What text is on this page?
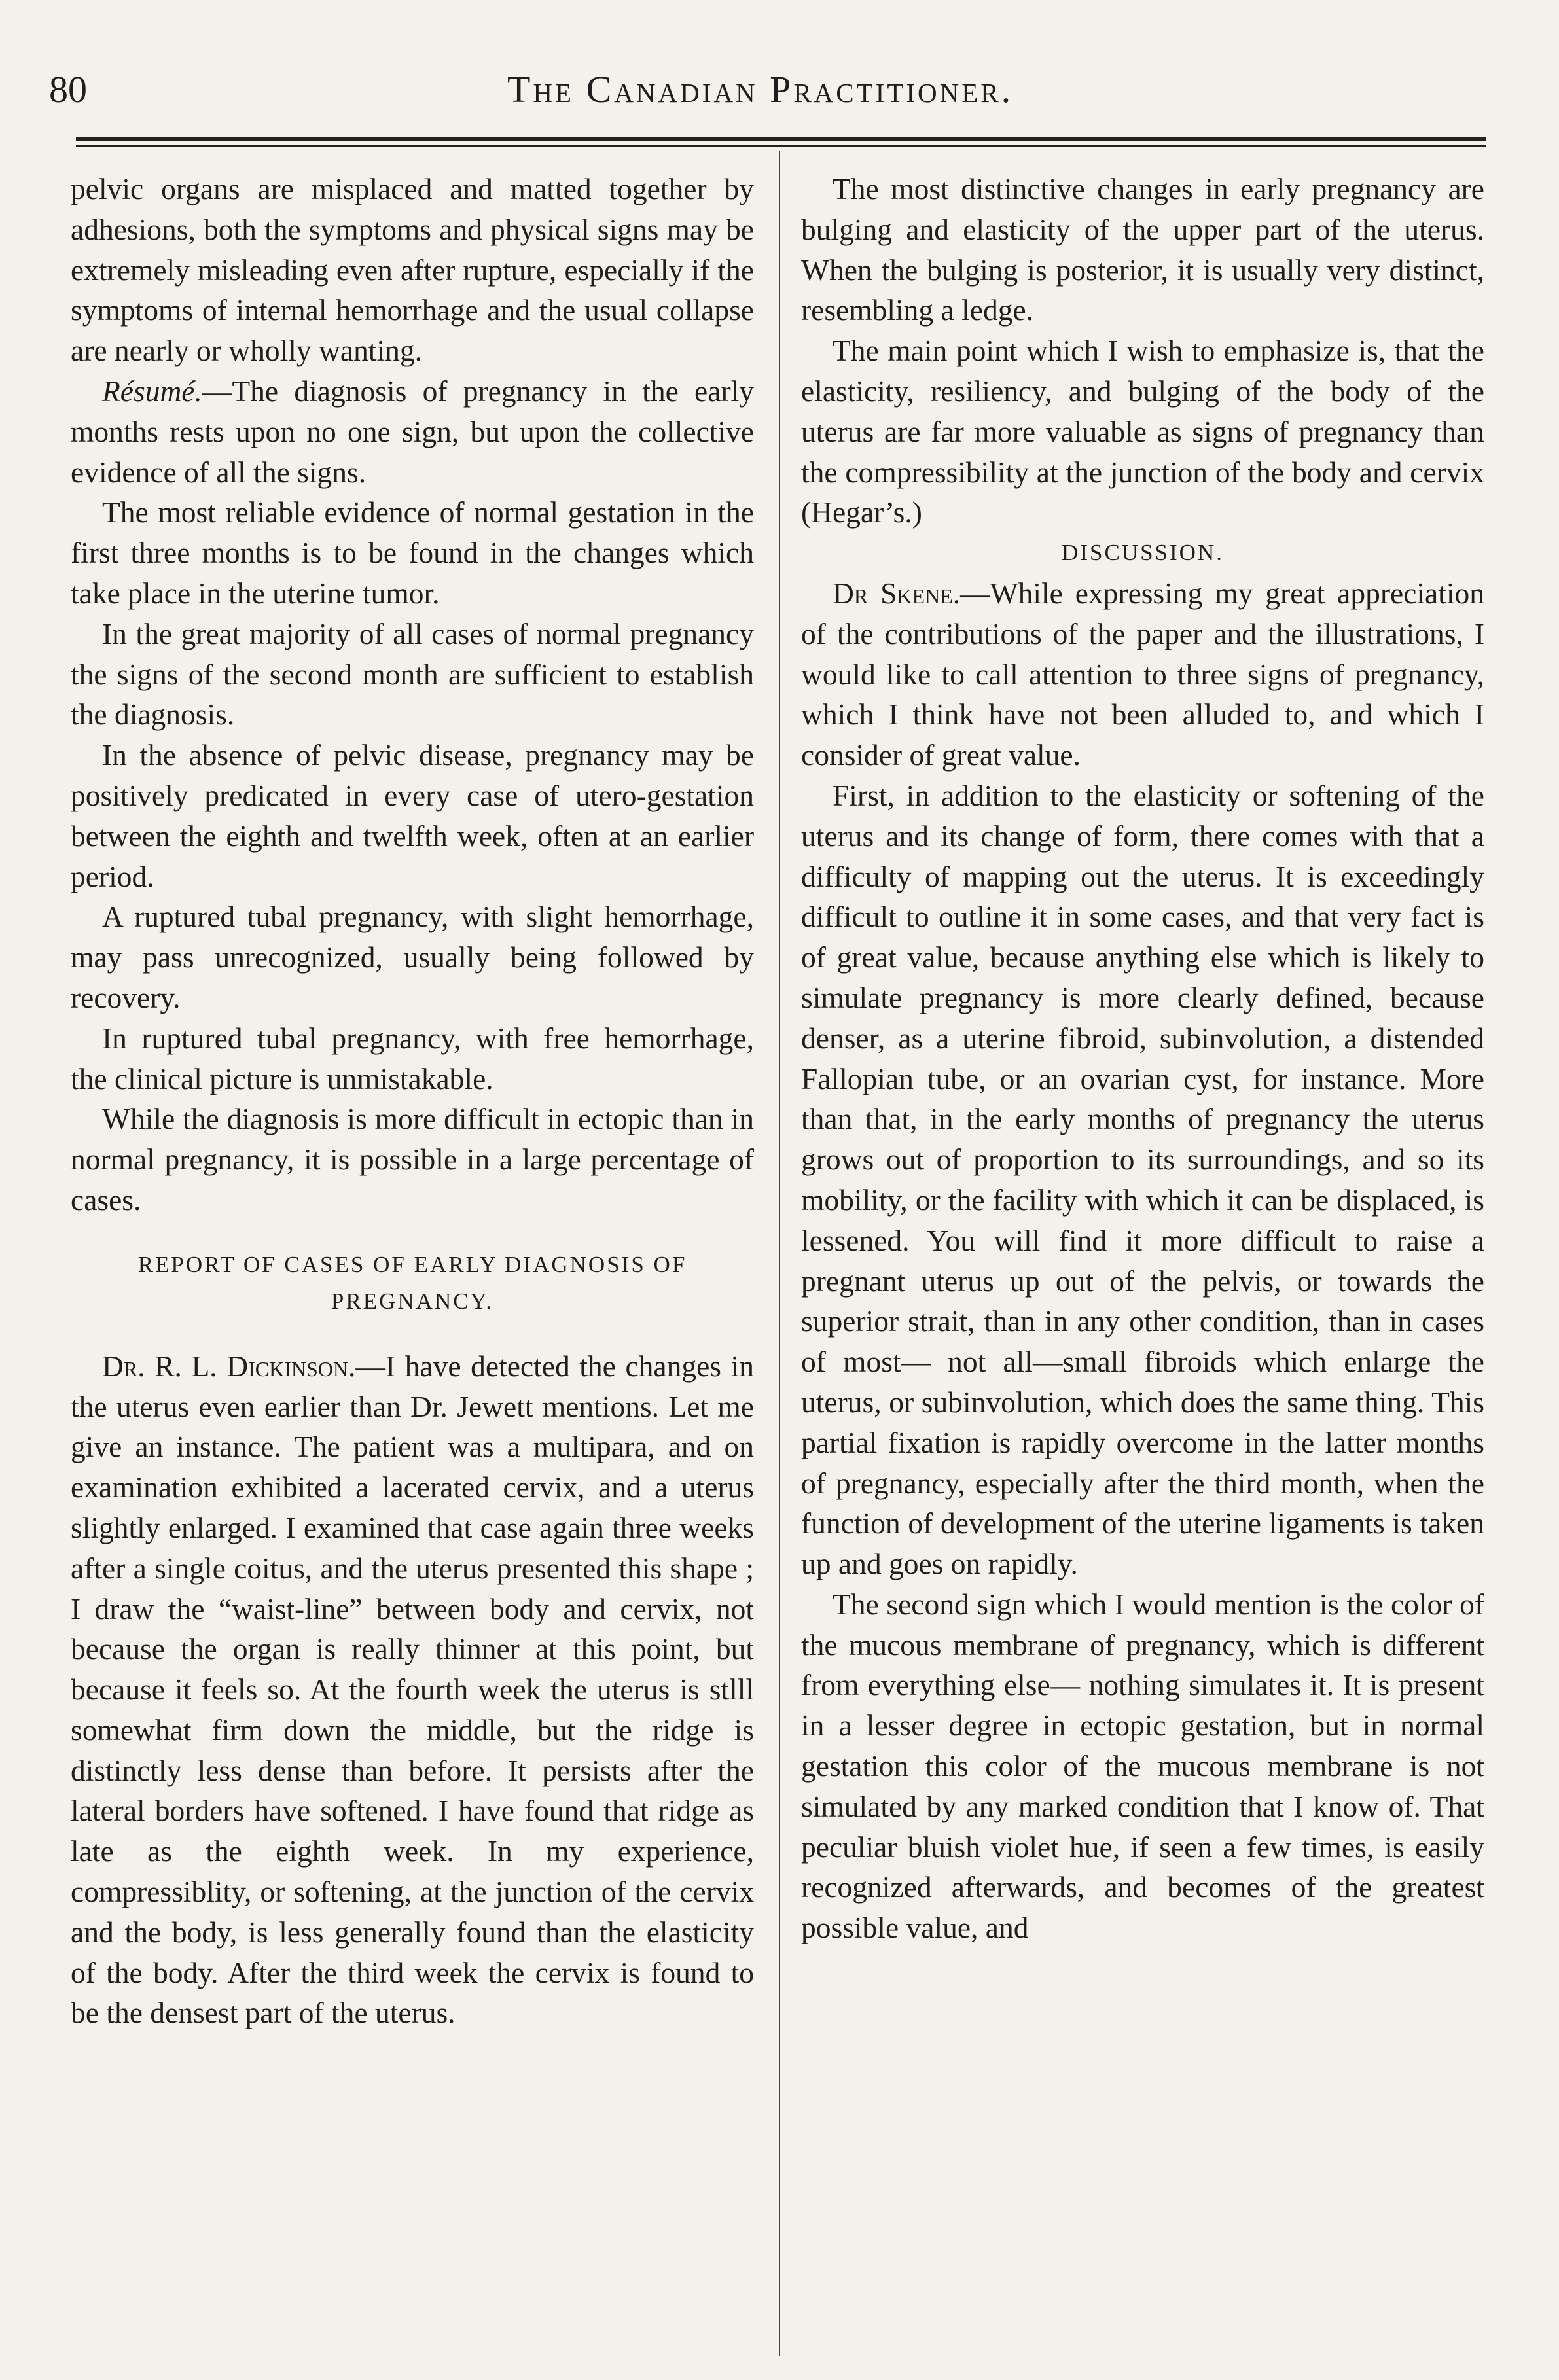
80	The Canadian Practitioner.

pelvic organs are misplaced and matted together by adhesions, both the symptoms and physical signs may be extremely misleading even after rupture, especially if the symptoms of internal hemorrhage and the usual collapse are nearly or wholly wanting.

Résumé.—The diagnosis of pregnancy in the early months rests upon no one sign, but upon the collective evidence of all the signs.

The most reliable evidence of normal gestation in the first three months is to be found in the changes which take place in the uterine tumor.

In the great majority of all cases of normal pregnancy the signs of the second month are sufficient to establish the diagnosis.

In the absence of pelvic disease, pregnancy may be positively predicated in every case of utero-gestation between the eighth and twelfth week, often at an earlier period.

A ruptured tubal pregnancy, with slight hemorrhage, may pass unrecognized, usually being followed by recovery.

In ruptured tubal pregnancy, with free hemorrhage, the clinical picture is unmistakable.

While the diagnosis is more difficult in ectopic than in normal pregnancy, it is possible in a large percentage of cases.

REPORT OF CASES OF EARLY DIAGNOSIS OF PREGNANCY.

Dr. R. L. Dickinson.—I have detected the changes in the uterus even earlier than Dr. Jewett mentions. Let me give an instance. The patient was a multipara, and on examination exhibited a lacerated cervix, and a uterus slightly enlarged. I examined that case again three weeks after a single coitus, and the uterus presented this shape ; I draw the “waist-line” between body and cervix, not because the organ is really thinner at this point, but because it feels so. At the fourth week the uterus is stlll somewhat firm down the middle, but the ridge is distinctly less dense than before. It persists after the lateral borders have softened. I have found that ridge as late as the eighth week. In my experience, compressiblity, or softening, at the junction of the cervix and the body, is less generally found than the elasticity of the body. After the third week the cervix is found to be the densest part of the uterus.

The most distinctive changes in early pregnancy are bulging and elasticity of the upper part of the uterus. When the bulging is posterior, it is usually very distinct, resembling a ledge.

The main point which I wish to emphasize is, that the elasticity, resiliency, and bulging of the body of the uterus are far more valuable as signs of pregnancy than the compressibility at the junction of the body and cervix (Hegar’s.)

DISCUSSION.

Dr Skene.—While expressing my great appreciation of the contributions of the paper and the illustrations, I would like to call attention to three signs of pregnancy, which I think have not been alluded to, and which I consider of great value.

First, in addition to the elasticity or softening of the uterus and its change of form, there comes with that a difficulty of mapping out the uterus. It is exceedingly difficult to outline it in some cases, and that very fact is of great value, because anything else which is likely to simulate pregnancy is more clearly defined, because denser, as a uterine fibroid, subinvolution, a distended Fallopian tube, or an ovarian cyst, for instance. More than that, in the early months of pregnancy the uterus grows out of proportion to its surroundings, and so its mobility, or the facility with which it can be displaced, is lessened. You will find it more difficult to raise a pregnant uterus up out of the pelvis, or towards the superior strait, than in any other condition, than in cases of most— not all—small fibroids which enlarge the uterus, or subinvolution, which does the same thing. This partial fixation is rapidly overcome in the latter months of pregnancy, especially after the third month, when the function of development of the uterine ligaments is taken up and goes on rapidly.

The second sign which I would mention is the color of the mucous membrane of pregnancy, which is different from everything else— nothing simulates it. It is present in a lesser degree in ectopic gestation, but in normal gestation this color of the mucous membrane is not simulated by any marked condition that I know of. That peculiar bluish violet hue, if seen a few times, is easily recognized afterwards, and becomes of the greatest possible value, and
